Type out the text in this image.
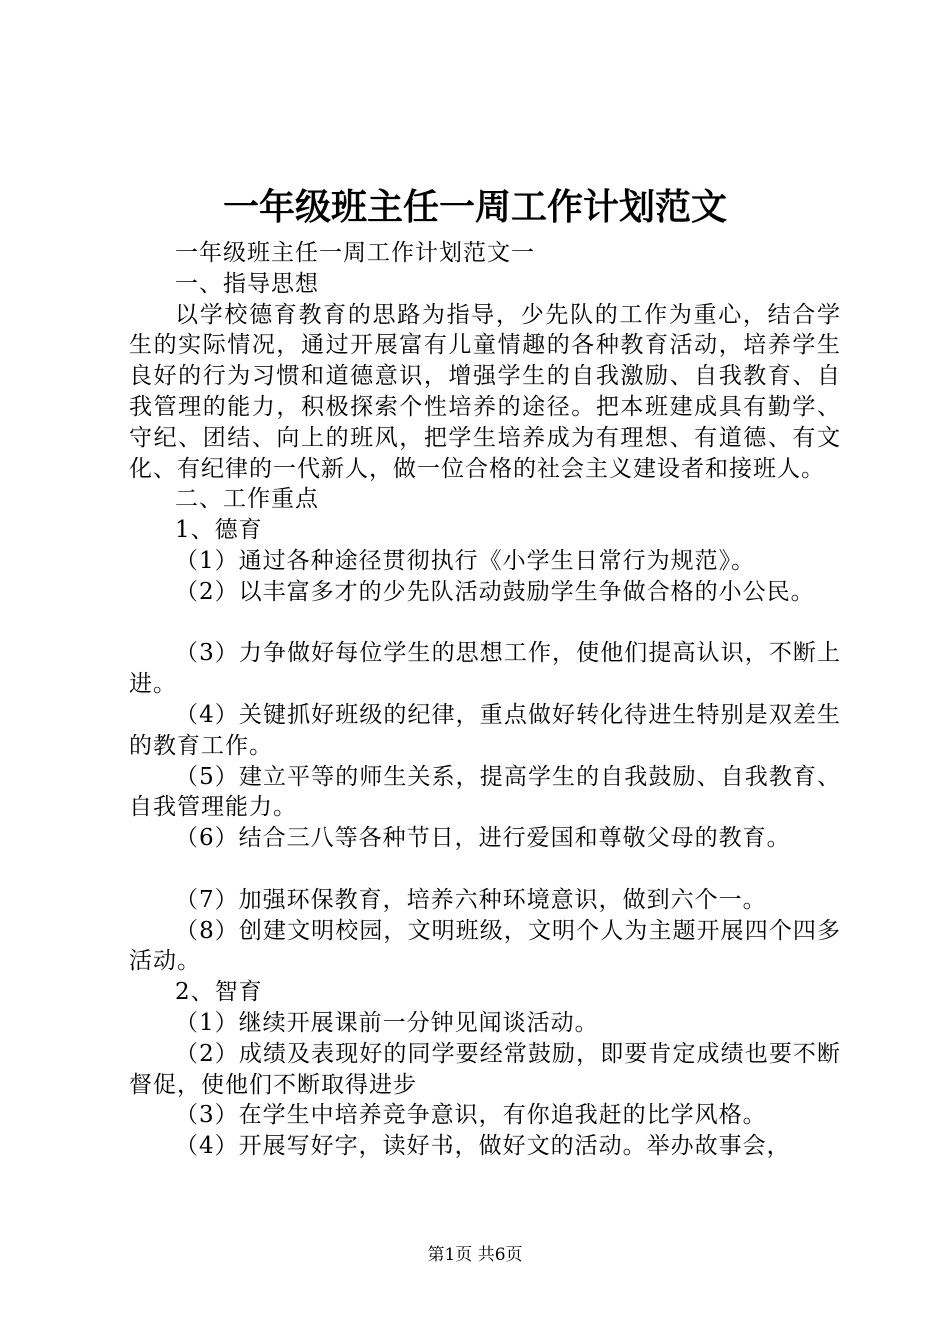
一年级班主任一周工作计划范文

一年级班主任一周工作计划范文一

一、指导思想

以学校德育教育的思路为指导，少先队的工作为重心，结合学生的实际情况，通过开展富有儿童情趣的各种教育活动，培养学生良好的行为习惯和道德意识，增强学生的自我激励、自我教育、自我管理的能力，积极探索个性培养的途径。把本班建成具有勤学、守纪、团结、向上的班风，把学生培养成为有理想、有道德、有文化、有纪律的一代新人，做一位合格的社会主义建设者和接班人。

二、工作重点

1、德育

（1）通过各种途径贯彻执行《小学生日常行为规范》。

（2）以丰富多才的少先队活动鼓励学生争做合格的小公民。

（3）力争做好每位学生的思想工作，使他们提高认识，不断上进。

（4）关键抓好班级的纪律，重点做好转化待进生特别是双差生的教育工作。

（5）建立平等的师生关系，提高学生的自我鼓励、自我教育、自我管理能力。

（6）结合三八等各种节日，进行爱国和尊敬父母的教育。

（7）加强环保教育，培养六种环境意识，做到六个一。

（8）创建文明校园，文明班级，文明个人为主题开展四个四多活动。

2、智育

（1）继续开展课前一分钟见闻谈活动。

（2）成绩及表现好的同学要经常鼓励，即要肯定成绩也要不断督促，使他们不断取得进步

（3）在学生中培养竞争意识，有你追我赶的比学风格。

（4）开展写好字，读好书，做好文的活动。举办故事会，

第1页 共6页
